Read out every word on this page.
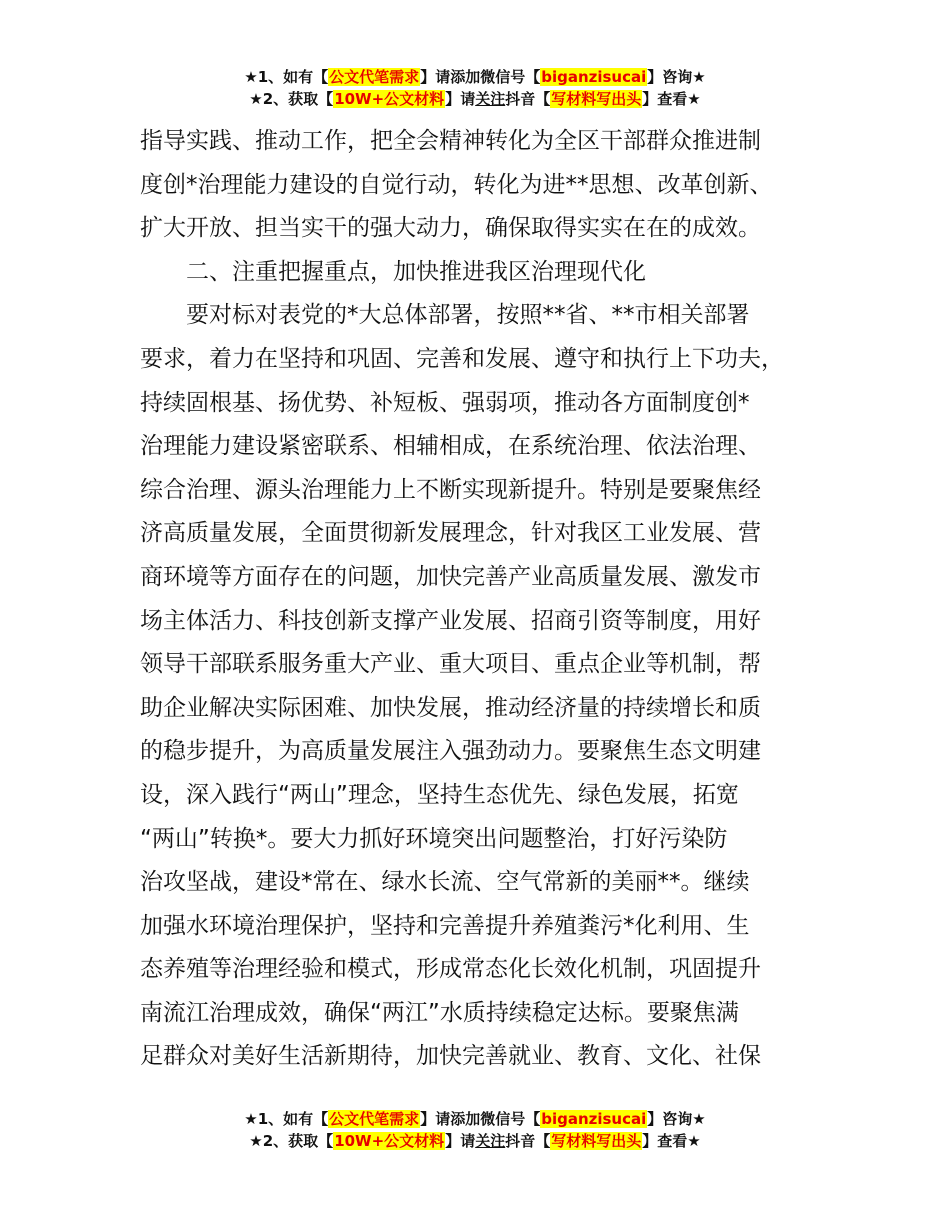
★1、如有【公文代笔需求】请添加微信号【biganzisucai】咨询★
★2、获取【10W+公文材料】请关注抖音【写材料写出头】查看★
指导实践、推动工作，把全会精神转化为全区干部群众推进制
度创*治理能力建设的自觉行动，转化为进**思想、改革创新、
扩大开放、担当实干的强大动力，确保取得实实在在的成效。
二、注重把握重点，加快推进我区治理现代化
要对标对表党的*大总体部署，按照**省、**市相关部署
要求，着力在坚持和巩固、完善和发展、遵守和执行上下功夫，
持续固根基、扬优势、补短板、强弱项，推动各方面制度创*
治理能力建设紧密联系、相辅相成，在系统治理、依法治理、
综合治理、源头治理能力上不断实现新提升。特别是要聚焦经
济高质量发展，全面贯彻新发展理念，针对我区工业发展、营
商环境等方面存在的问题，加快完善产业高质量发展、激发市
场主体活力、科技创新支撑产业发展、招商引资等制度，用好
领导干部联系服务重大产业、重大项目、重点企业等机制，帮
助企业解决实际困难、加快发展，推动经济量的持续增长和质
的稳步提升，为高质量发展注入强劲动力。要聚焦生态文明建
设，深入践行“两山”理念，坚持生态优先、绿色发展，拓宽
“两山”转换*。要大力抓好环境突出问题整治，打好污染防
治攻坚战，建设*常在、绿水长流、空气常新的美丽**。继续
加强水环境治理保护，坚持和完善提升养殖粪污*化利用、生
态养殖等治理经验和模式，形成常态化长效化机制，巩固提升
南流江治理成效，确保“两江”水质持续稳定达标。要聚焦满
足群众对美好生活新期待，加快完善就业、教育、文化、社保
★1、如有【公文代笔需求】请添加微信号【biganzisucai】咨询★
★2、获取【10W+公文材料】请关注抖音【写材料写出头】查看★
